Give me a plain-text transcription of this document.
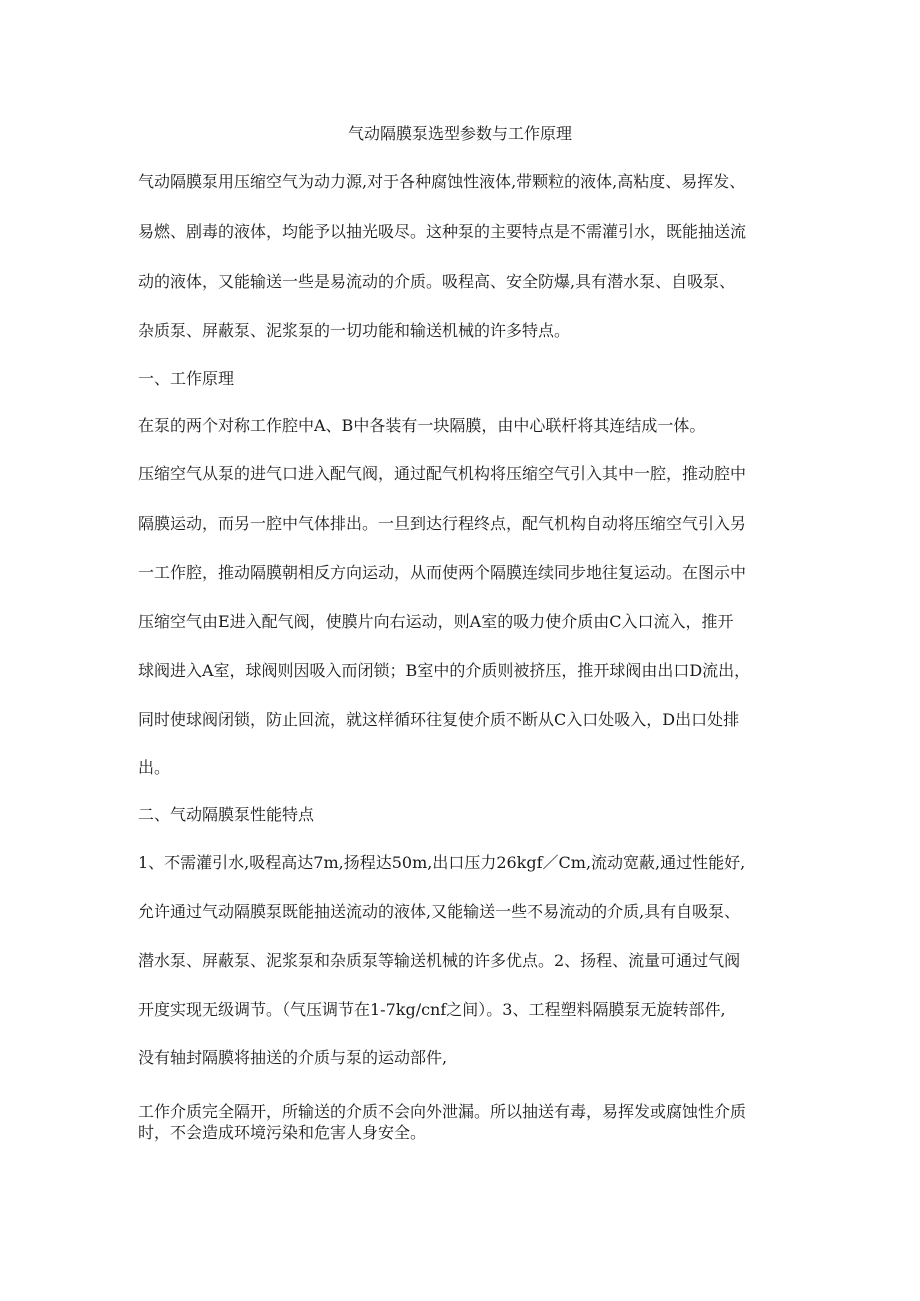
气动隔膜泵选型参数与工作原理
气动隔膜泵用压缩空气为动力源,对于各种腐蚀性液体,带颗粒的液体,高粘度、易挥发、
易燃、剧毒的液体，均能予以抽光吸尽。这种泵的主要特点是不需灌引水，既能抽送流
动的液体，又能输送一些是易流动的介质。吸程高、安全防爆,具有潜水泵、自吸泵、
杂质泵、屏蔽泵、泥浆泵的一切功能和输送机械的许多特点。
一、工作原理
在泵的两个对称工作腔中A、B中各装有一块隔膜，由中心联杆将其连结成一体。
压缩空气从泵的进气口进入配气阀，通过配气机构将压缩空气引入其中一腔，推动腔中
隔膜运动，而另一腔中气体排出。一旦到达行程终点，配气机构自动将压缩空气引入另
一工作腔，推动隔膜朝相反方向运动，从而使两个隔膜连续同步地往复运动。在图示中
压缩空气由E进入配气阀，使膜片向右运动，则A室的吸力使介质由C入口流入，推开
球阀进入A室，球阀则因吸入而闭锁；B室中的介质则被挤压，推开球阀由出口D流出，
同时使球阀闭锁，防止回流，就这样循环往复使介质不断从C入口处吸入，D出口处排
出。
二、气动隔膜泵性能特点
1、不需灌引水,吸程高达7m,扬程达50m,出口压力26kgf／Cm,流动宽蔽,通过性能好,
允许通过气动隔膜泵既能抽送流动的液体,又能输送一些不易流动的介质,具有自吸泵、
潜水泵、屏蔽泵、泥浆泵和杂质泵等输送机械的许多优点。2、扬程、流量可通过气阀
开度实现无级调节。（气压调节在1-7kg/cnf之间）。3、工程塑料隔膜泵无旋转部件,
没有轴封隔膜将抽送的介质与泵的运动部件,
工作介质完全隔开，所输送的介质不会向外泄漏。所以抽送有毒，易挥发或腐蚀性介质
时，不会造成环境污染和危害人身安全。
